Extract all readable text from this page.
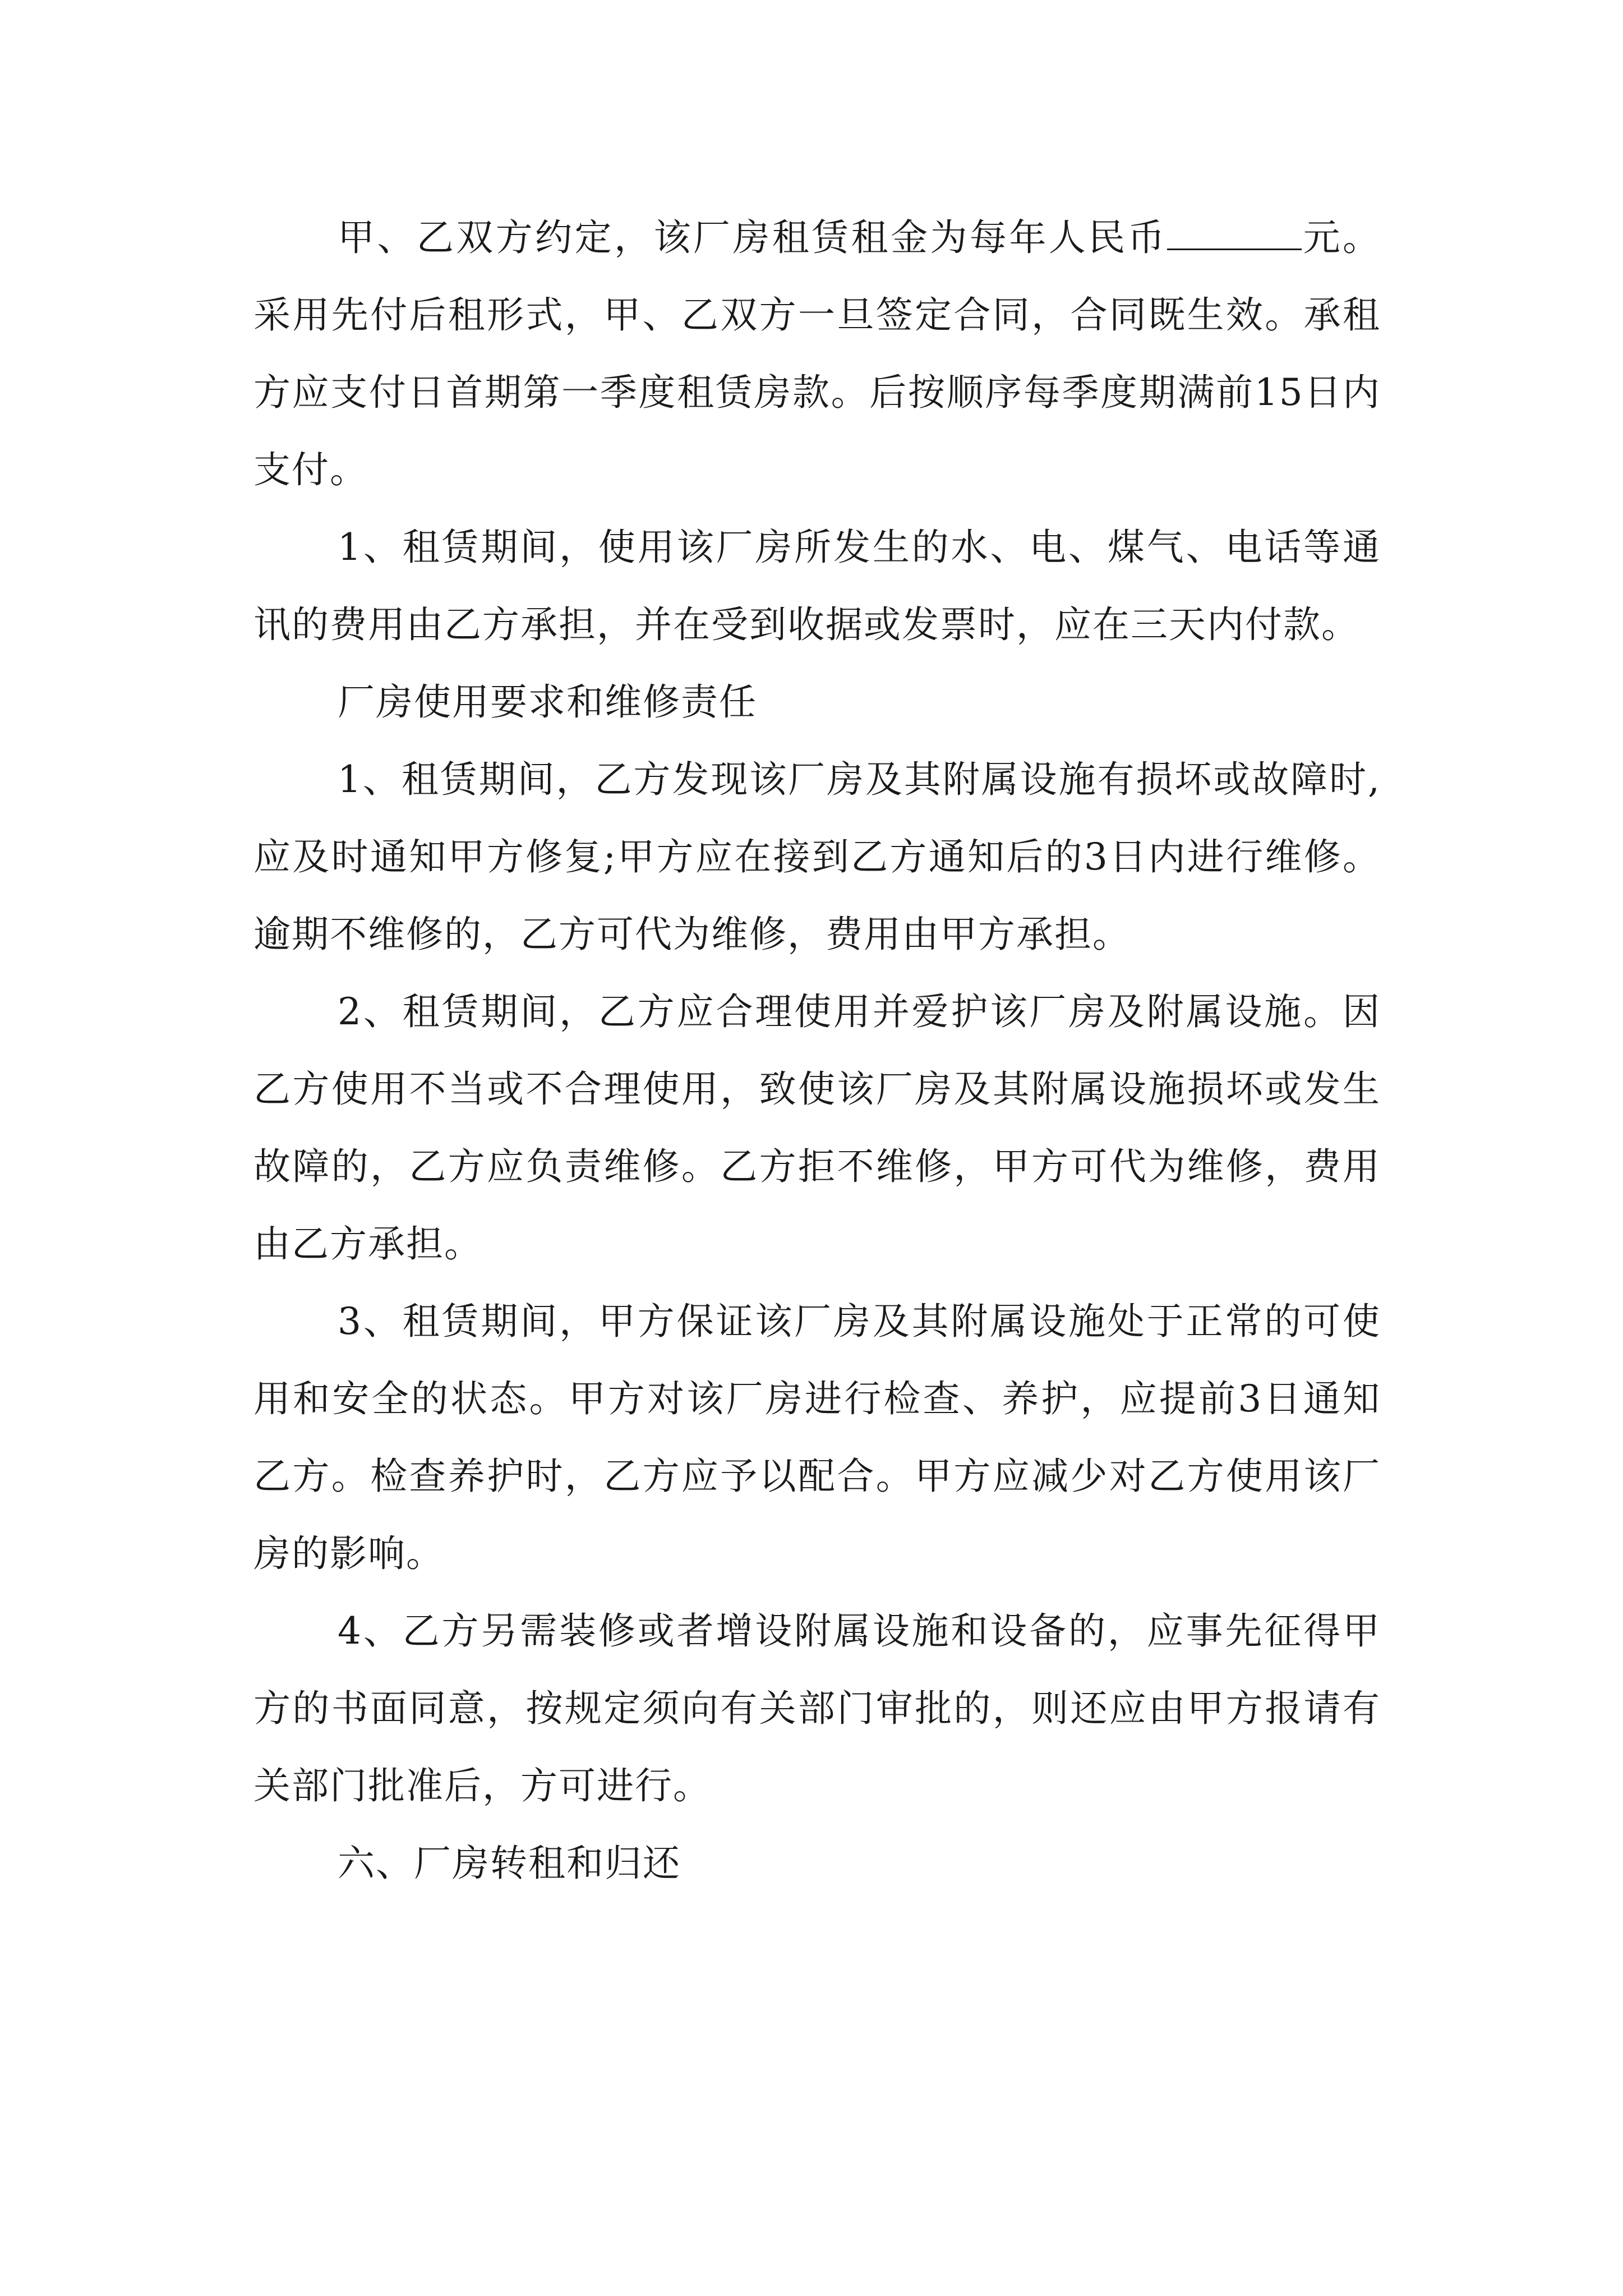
甲、乙双方约定，该厂房租赁租金为每年人民币	元。采用先付后租形式，甲、乙双方一旦签定合同，合同既生效。承租方应支付日首期第一季度租赁房款。后按顺序每季度期满前15日内支付。

1、租赁期间，使用该厂房所发生的水、电、煤气、电话等通讯的费用由乙方承担，并在受到收据或发票时，应在三天内付款。

厂房使用要求和维修责任

1、租赁期间，乙方发现该厂房及其附属设施有损坏或故障时,应及时通知甲方修复;甲方应在接到乙方通知后的3日内进行维修。逾期不维修的，乙方可代为维修，费用由甲方承担。

2、租赁期间，乙方应合理使用并爱护该厂房及附属设施。因乙方使用不当或不合理使用，致使该厂房及其附属设施损坏或发生故障的，乙方应负责维修。乙方拒不维修，甲方可代为维修，费用由乙方承担。

3、租赁期间，甲方保证该厂房及其附属设施处于正常的可使用和安全的状态。甲方对该厂房进行检查、养护，应提前3日通知乙方。检查养护时，乙方应予以配合。甲方应减少对乙方使用该厂房的影响。

4、乙方另需装修或者增设附属设施和设备的，应事先征得甲方的书面同意，按规定须向有关部门审批的，则还应由甲方报请有关部门批准后，方可进行。

六、厂房转租和归还
